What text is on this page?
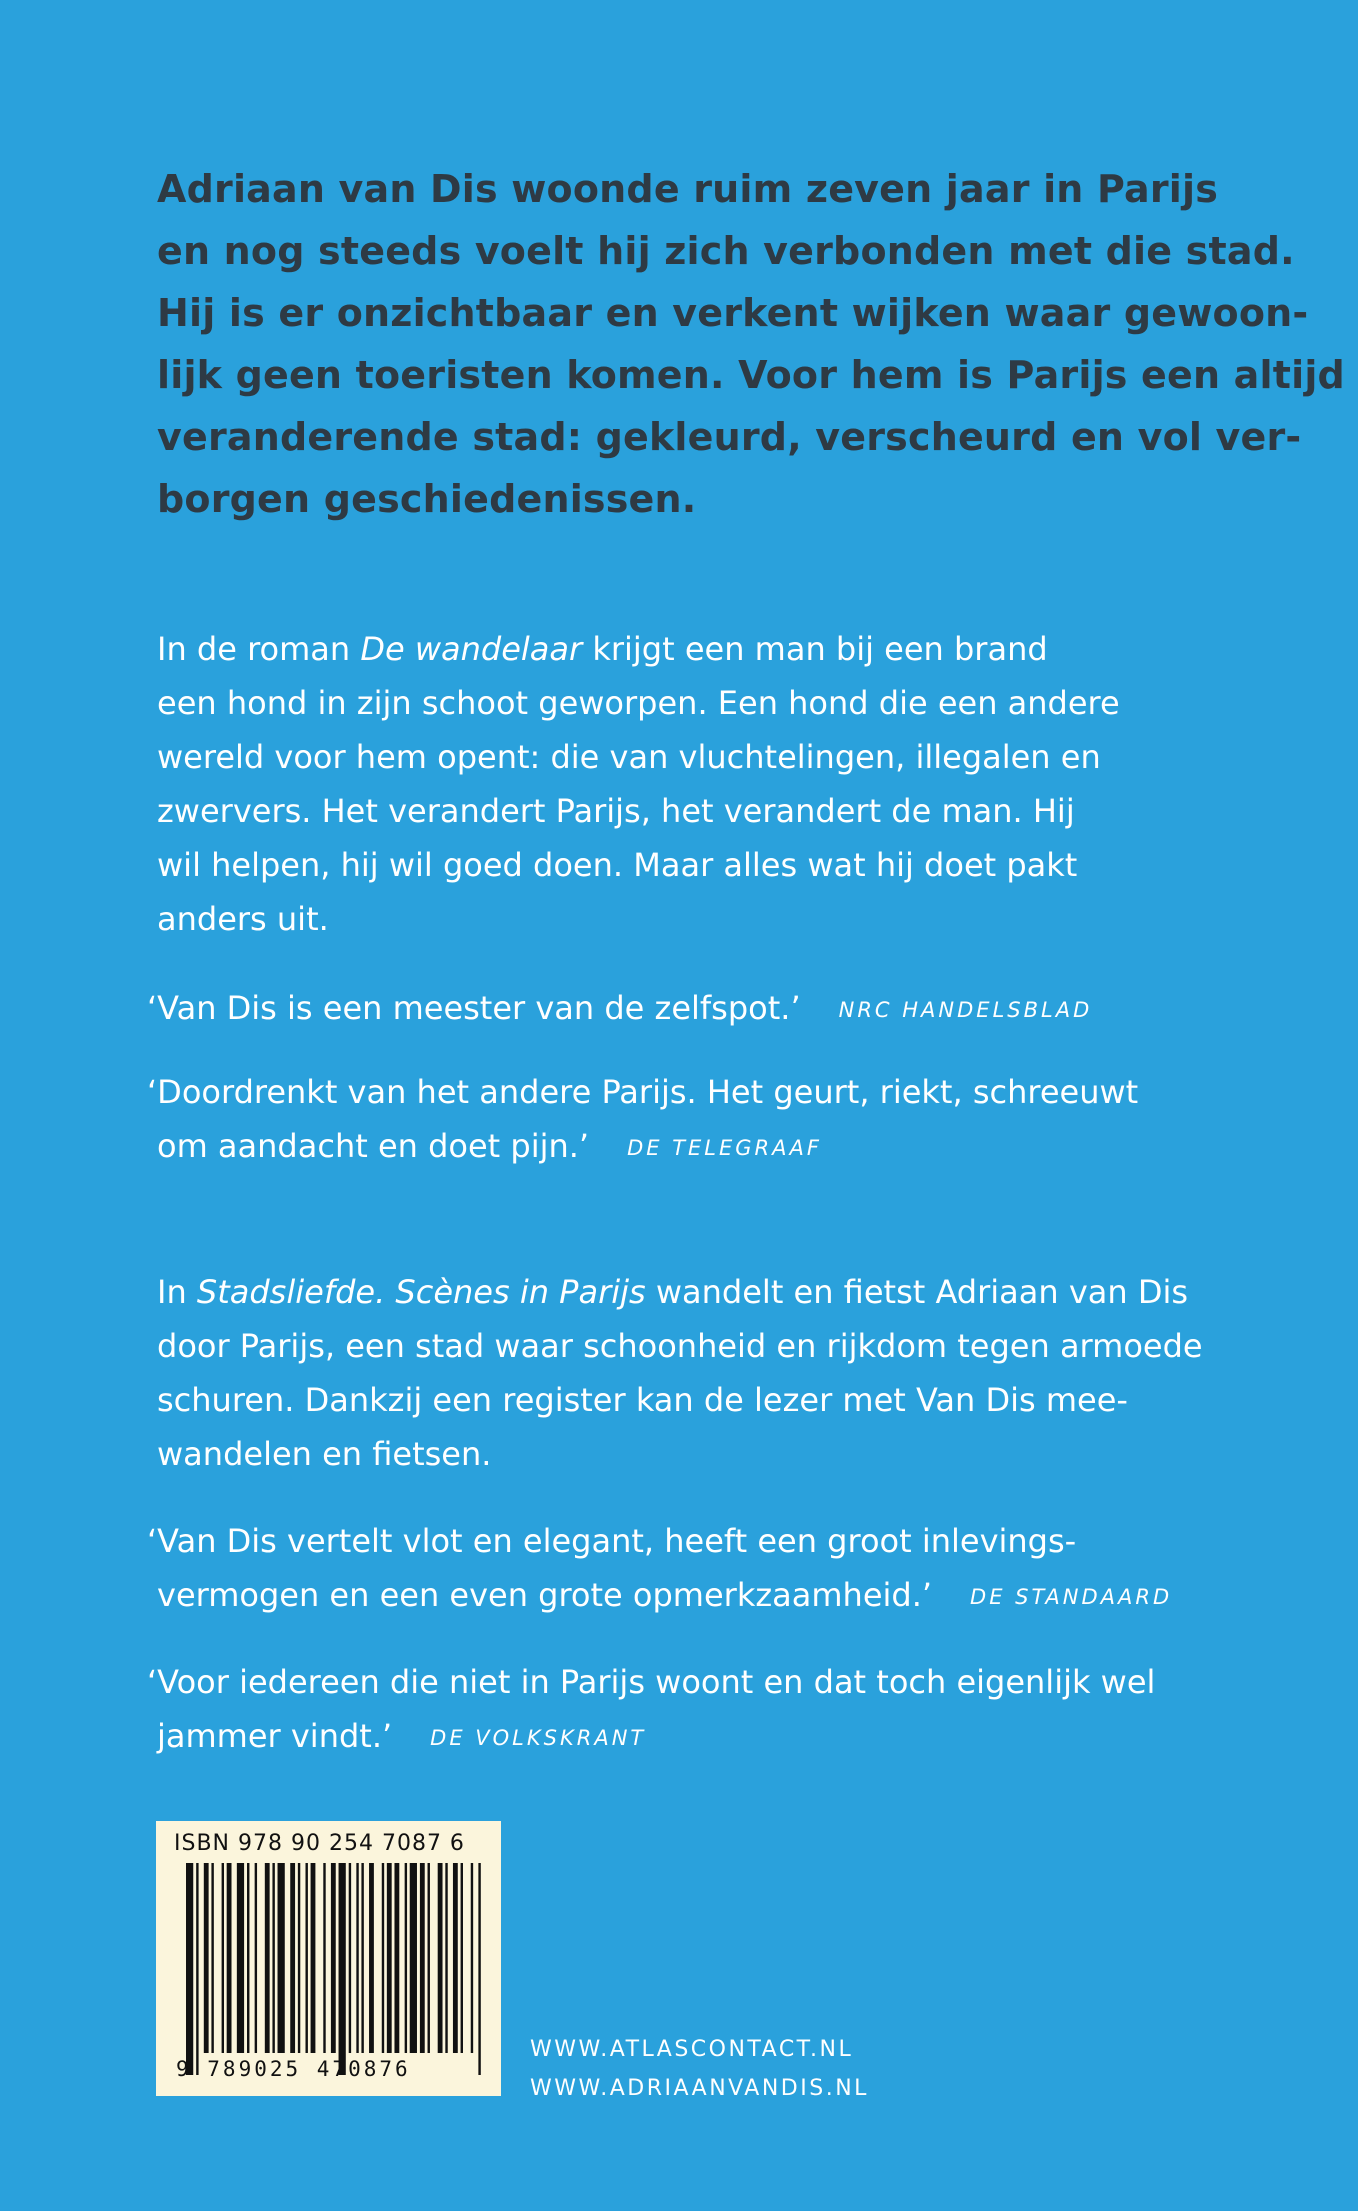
Adriaan van Dis woonde ruim zeven jaar in Parijs
en nog steeds voelt hij zich verbonden met die stad.
Hij is er onzichtbaar en verkent wijken waar gewoon-
lijk geen toeristen komen. Voor hem is Parijs een altijd
veranderende stad: gekleurd, verscheurd en vol ver-
borgen geschiedenissen.
In de roman De wandelaar krijgt een man bij een brand
een hond in zijn schoot geworpen. Een hond die een andere
wereld voor hem opent: die van vluchtelingen, illegalen en
zwervers. Het verandert Parijs, het verandert de man. Hij
wil helpen, hij wil goed doen. Maar alles wat hij doet pakt
anders uit.
‘Van Dis is een meester van de zelfspot.’ NRC HANDELSBLAD
‘Doordrenkt van het andere Parijs. Het geurt, riekt, schreeuwt
om aandacht en doet pijn.’ DE TELEGRAAF
In Stadsliefde. Scènes in Parijs wandelt en fietst Adriaan van Dis
door Parijs, een stad waar schoonheid en rijkdom tegen armoede
schuren. Dankzij een register kan de lezer met Van Dis mee-
wandelen en fietsen.
‘Van Dis vertelt vlot en elegant, heeft een groot inlevings-
vermogen en een even grote opmerkzaamheid.’ DE STANDAARD
‘Voor iedereen die niet in Parijs woont en dat toch eigenlijk wel
jammer vindt.’ DE VOLKSKRANT
ISBN 978 90 254 7087 6
9 789025 470876
WWW.ATLASCONTACT.NL
WWW.ADRIAANVANDIS.NL
